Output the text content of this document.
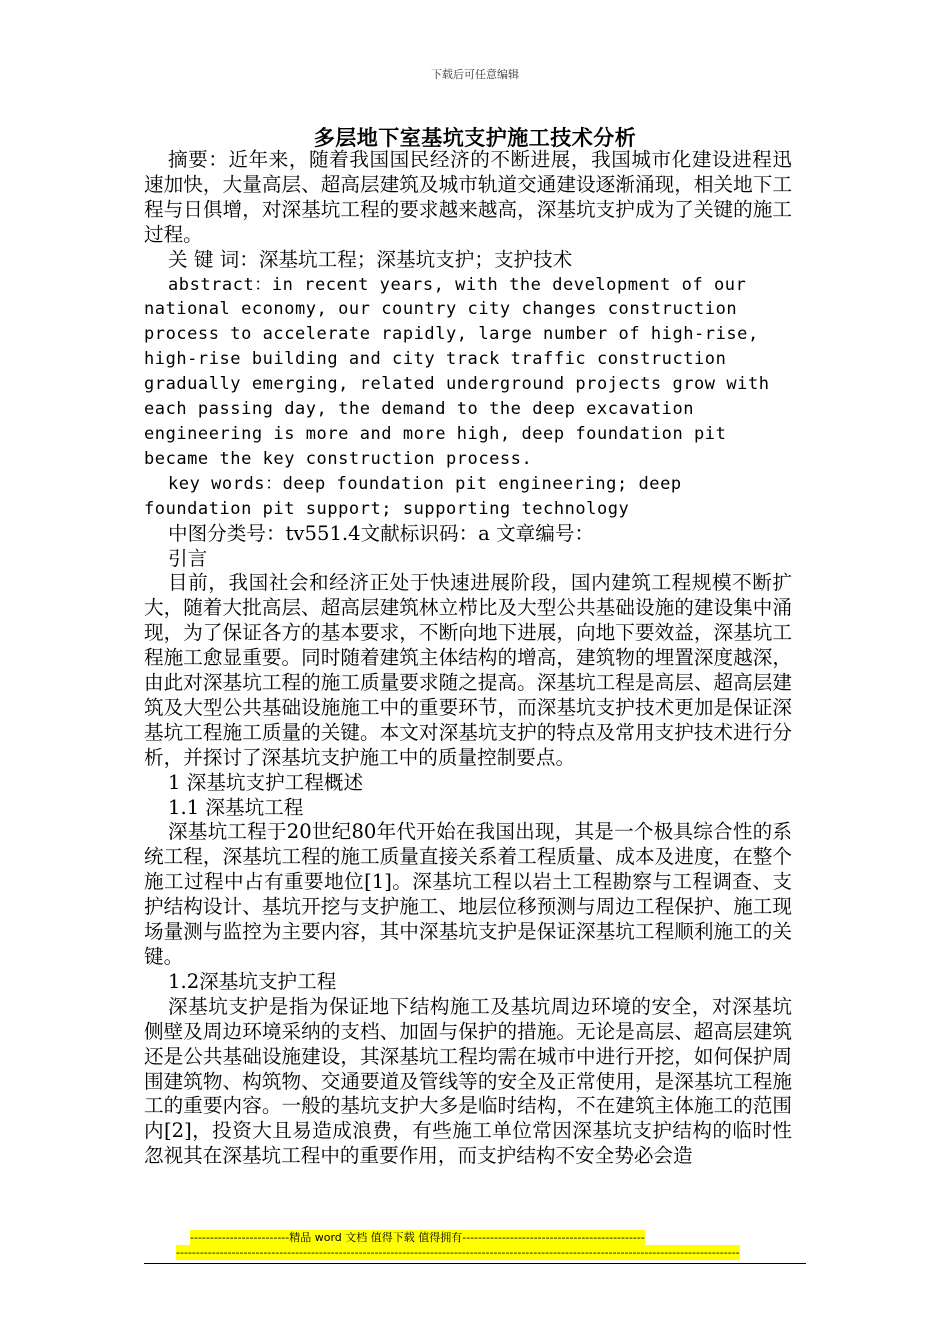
下载后可任意编辑
多层地下室基坑支护施工技术分析

摘要：近年来，随着我国国民经济的不断进展，我国城市化建设进程迅速加快，大量高层、超高层建筑及城市轨道交通建设逐渐涌现，相关地下工程与日俱增，对深基坑工程的要求越来越高，深基坑支护成为了关键的施工过程。

关 键 词：深基坑工程；深基坑支护；支护技术

abstract：in recent years, with the development of our national economy, our country city changes construction process to accelerate rapidly, large number of high-rise, high-rise building and city track traffic construction gradually emerging, related underground projects grow with each passing day, the demand to the deep excavation engineering is more and more high, deep foundation pit became the key construction process.

key words：deep foundation pit engineering; deep foundation pit support; supporting technology

中图分类号：tv551.4文献标识码：a 文章编号：

引言

目前，我国社会和经济正处于快速进展阶段，国内建筑工程规模不断扩大，随着大批高层、超高层建筑林立栉比及大型公共基础设施的建设集中涌现，为了保证各方的基本要求，不断向地下进展，向地下要效益，深基坑工程施工愈显重要。同时随着建筑主体结构的增高，建筑物的埋置深度越深，由此对深基坑工程的施工质量要求随之提高。深基坑工程是高层、超高层建筑及大型公共基础设施施工中的重要环节，而深基坑支护技术更加是保证深基坑工程施工质量的关键。本文对深基坑支护的特点及常用支护技术进行分析，并探讨了深基坑支护施工中的质量控制要点。

1 深基坑支护工程概述

1.1 深基坑工程

深基坑工程于20世纪80年代开始在我国出现，其是一个极具综合性的系统工程，深基坑工程的施工质量直接关系着工程质量、成本及进度，在整个施工过程中占有重要地位[1]。深基坑工程以岩土工程勘察与工程调查、支护结构设计、基坑开挖与支护施工、地层位移预测与周边工程保护、施工现场量测与监控为主要内容，其中深基坑支护是保证深基坑工程顺利施工的关键。

1.2深基坑支护工程

深基坑支护是指为保证地下结构施工及基坑周边环境的安全，对深基坑侧壁及周边环境采纳的支档、加固与保护的措施。无论是高层、超高层建筑还是公共基础设施建设，其深基坑工程均需在城市中进行开挖，如何保护周围建筑物、构筑物、交通要道及管线等的安全及正常使用，是深基坑工程施工的重要内容。一般的基坑支护大多是临时结构，不在建筑主体施工的范围内[2]，投资大且易造成浪费，有些施工单位常因深基坑支护结构的临时性忽视其在深基坑工程中的重要作用，而支护结构不安全势必会造

-------------------------精品 word 文档 值得下载 值得拥有----------------------------------------------
----------------------------------------------------------------------------------------------------------------------------------------------
